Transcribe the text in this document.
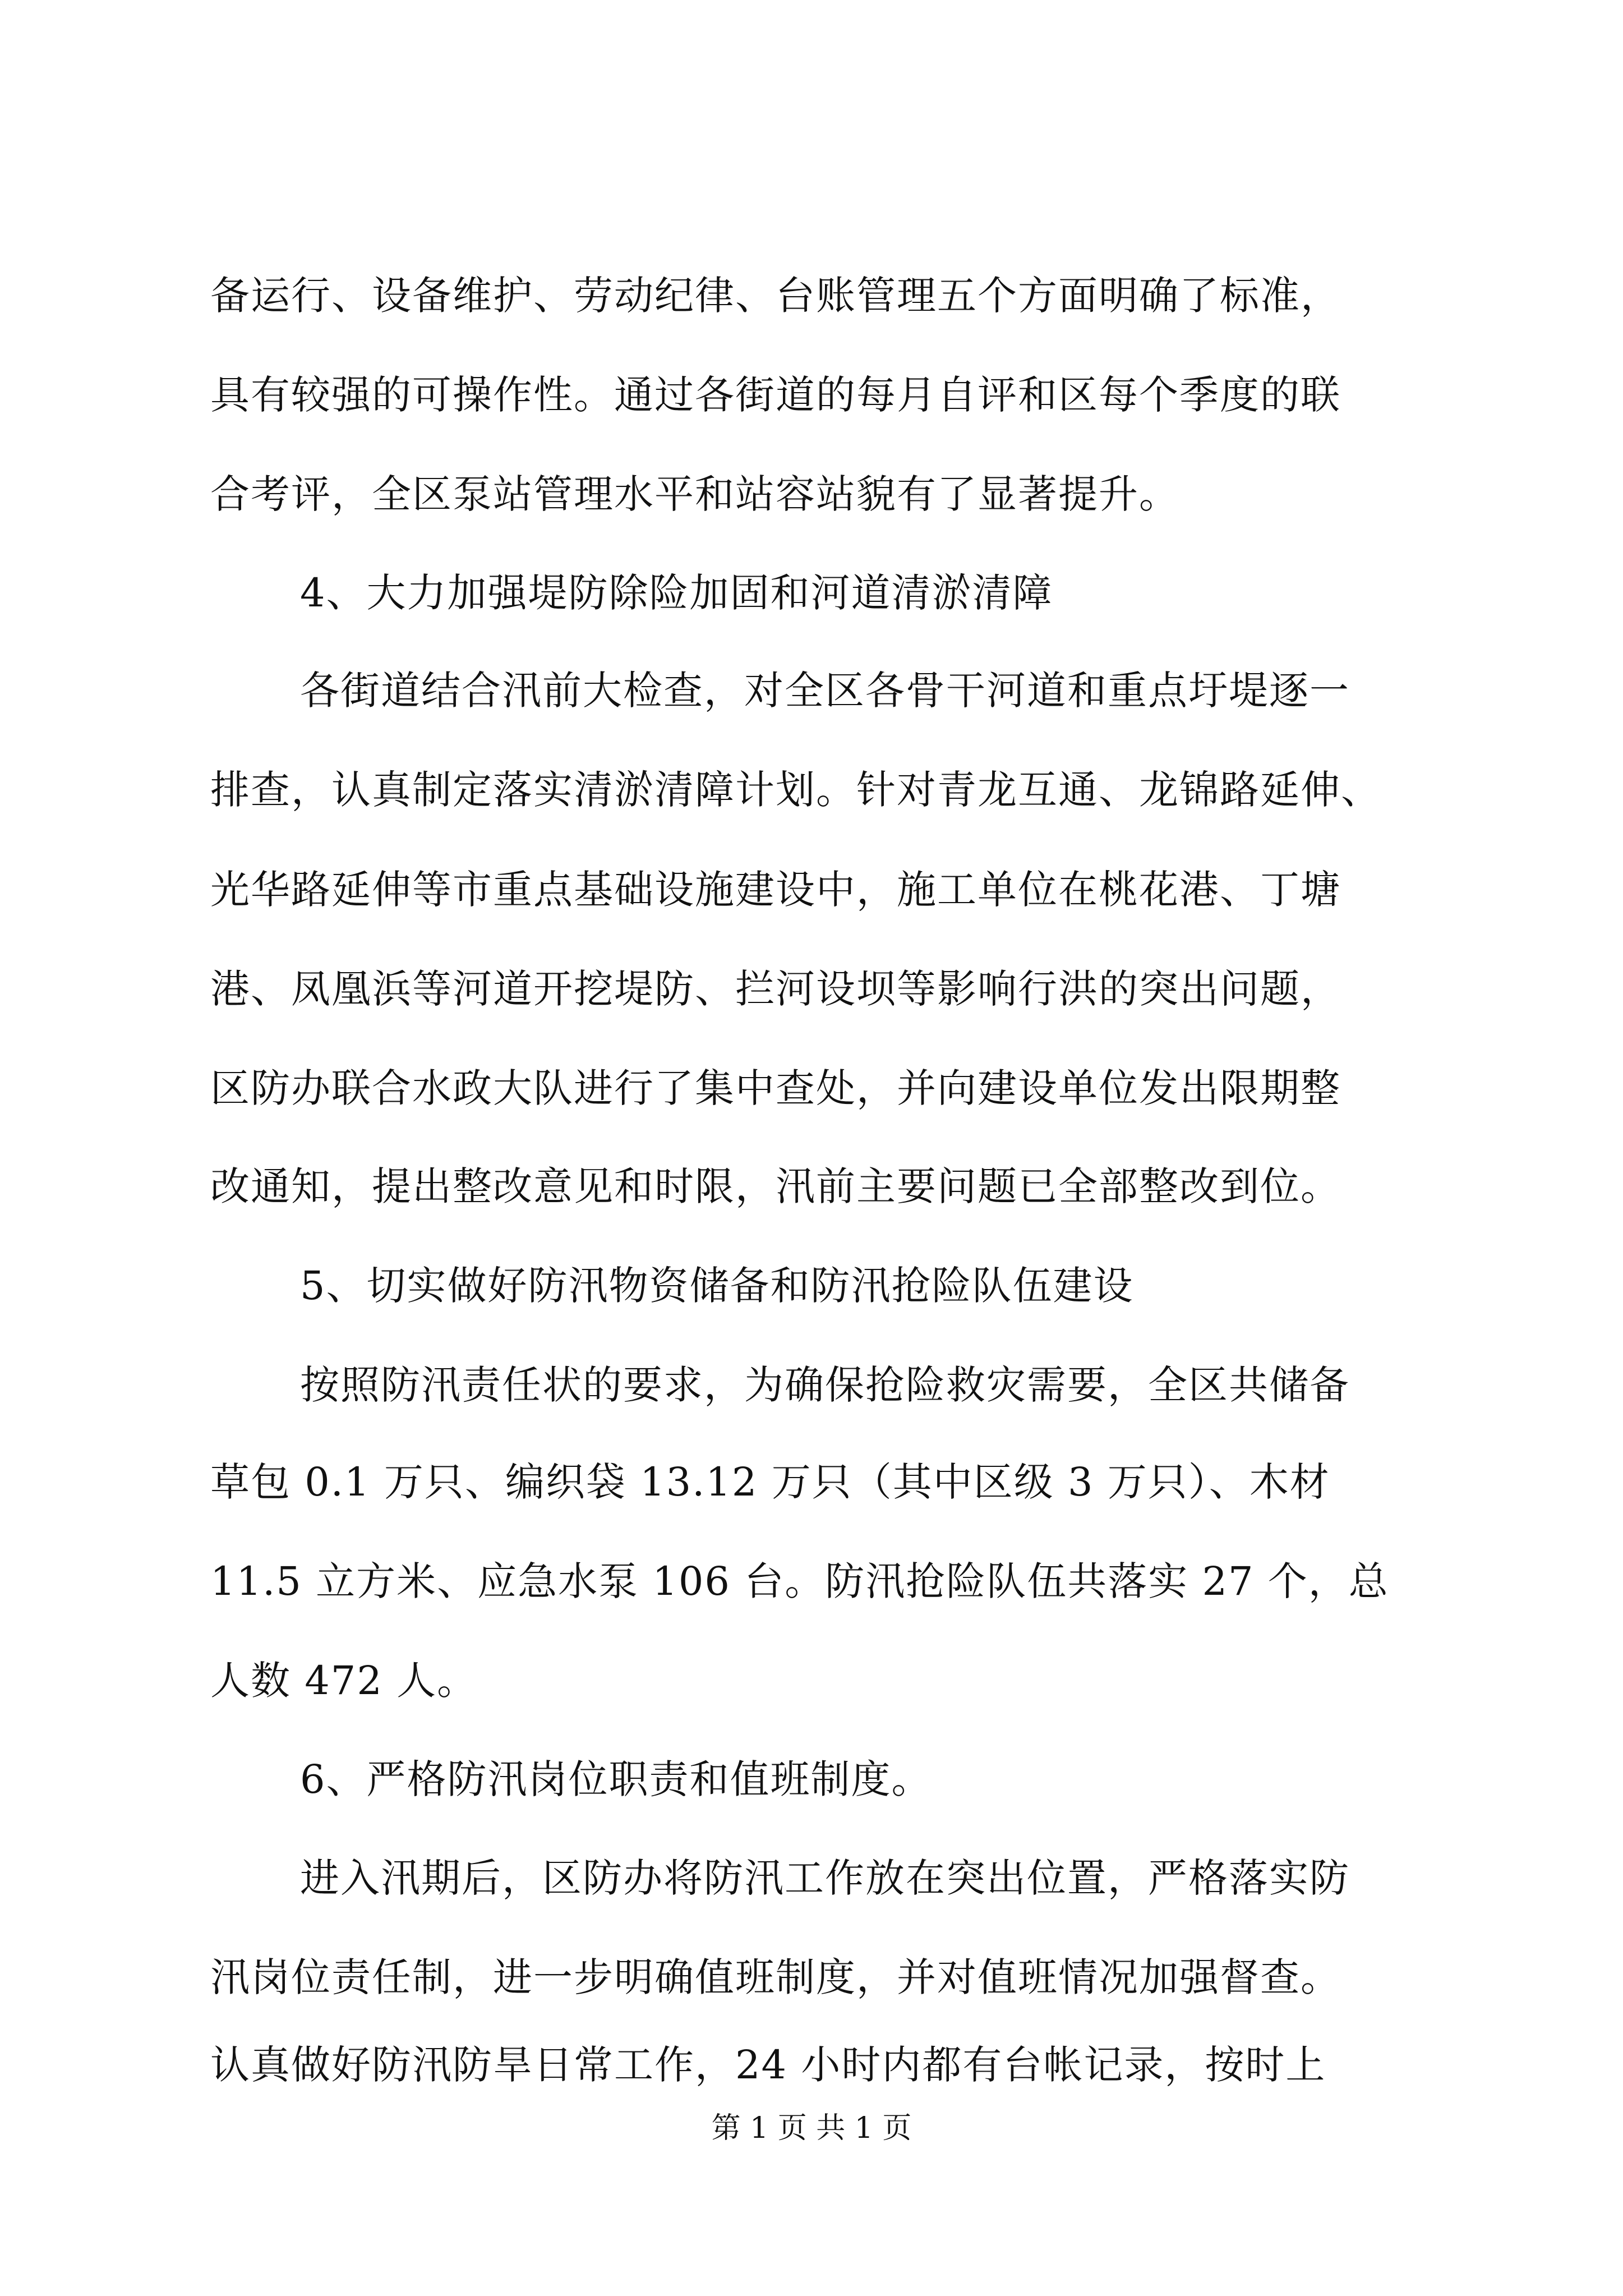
备运行、设备维护、劳动纪律、台账管理五个方面明确了标准，
具有较强的可操作性。通过各街道的每月自评和区每个季度的联
合考评，全区泵站管理水平和站容站貌有了显著提升。
4、大力加强堤防除险加固和河道清淤清障
各街道结合汛前大检查，对全区各骨干河道和重点圩堤逐一
排查，认真制定落实清淤清障计划。针对青龙互通、龙锦路延伸、
光华路延伸等市重点基础设施建设中，施工单位在桃花港、丁塘
港、凤凰浜等河道开挖堤防、拦河设坝等影响行洪的突出问题，
区防办联合水政大队进行了集中查处，并向建设单位发出限期整
改通知，提出整改意见和时限，汛前主要问题已全部整改到位。
5、切实做好防汛物资储备和防汛抢险队伍建设
按照防汛责任状的要求，为确保抢险救灾需要，全区共储备
草包 0.1 万只、编织袋 13.12 万只（其中区级 3 万只）、木材
11.5 立方米、应急水泵 106 台。防汛抢险队伍共落实 27 个，总
人数 472 人。
6、严格防汛岗位职责和值班制度。
进入汛期后，区防办将防汛工作放在突出位置，严格落实防
汛岗位责任制，进一步明确值班制度，并对值班情况加强督查。
认真做好防汛防旱日常工作，24 小时内都有台帐记录，按时上
第 1 页 共 1 页
